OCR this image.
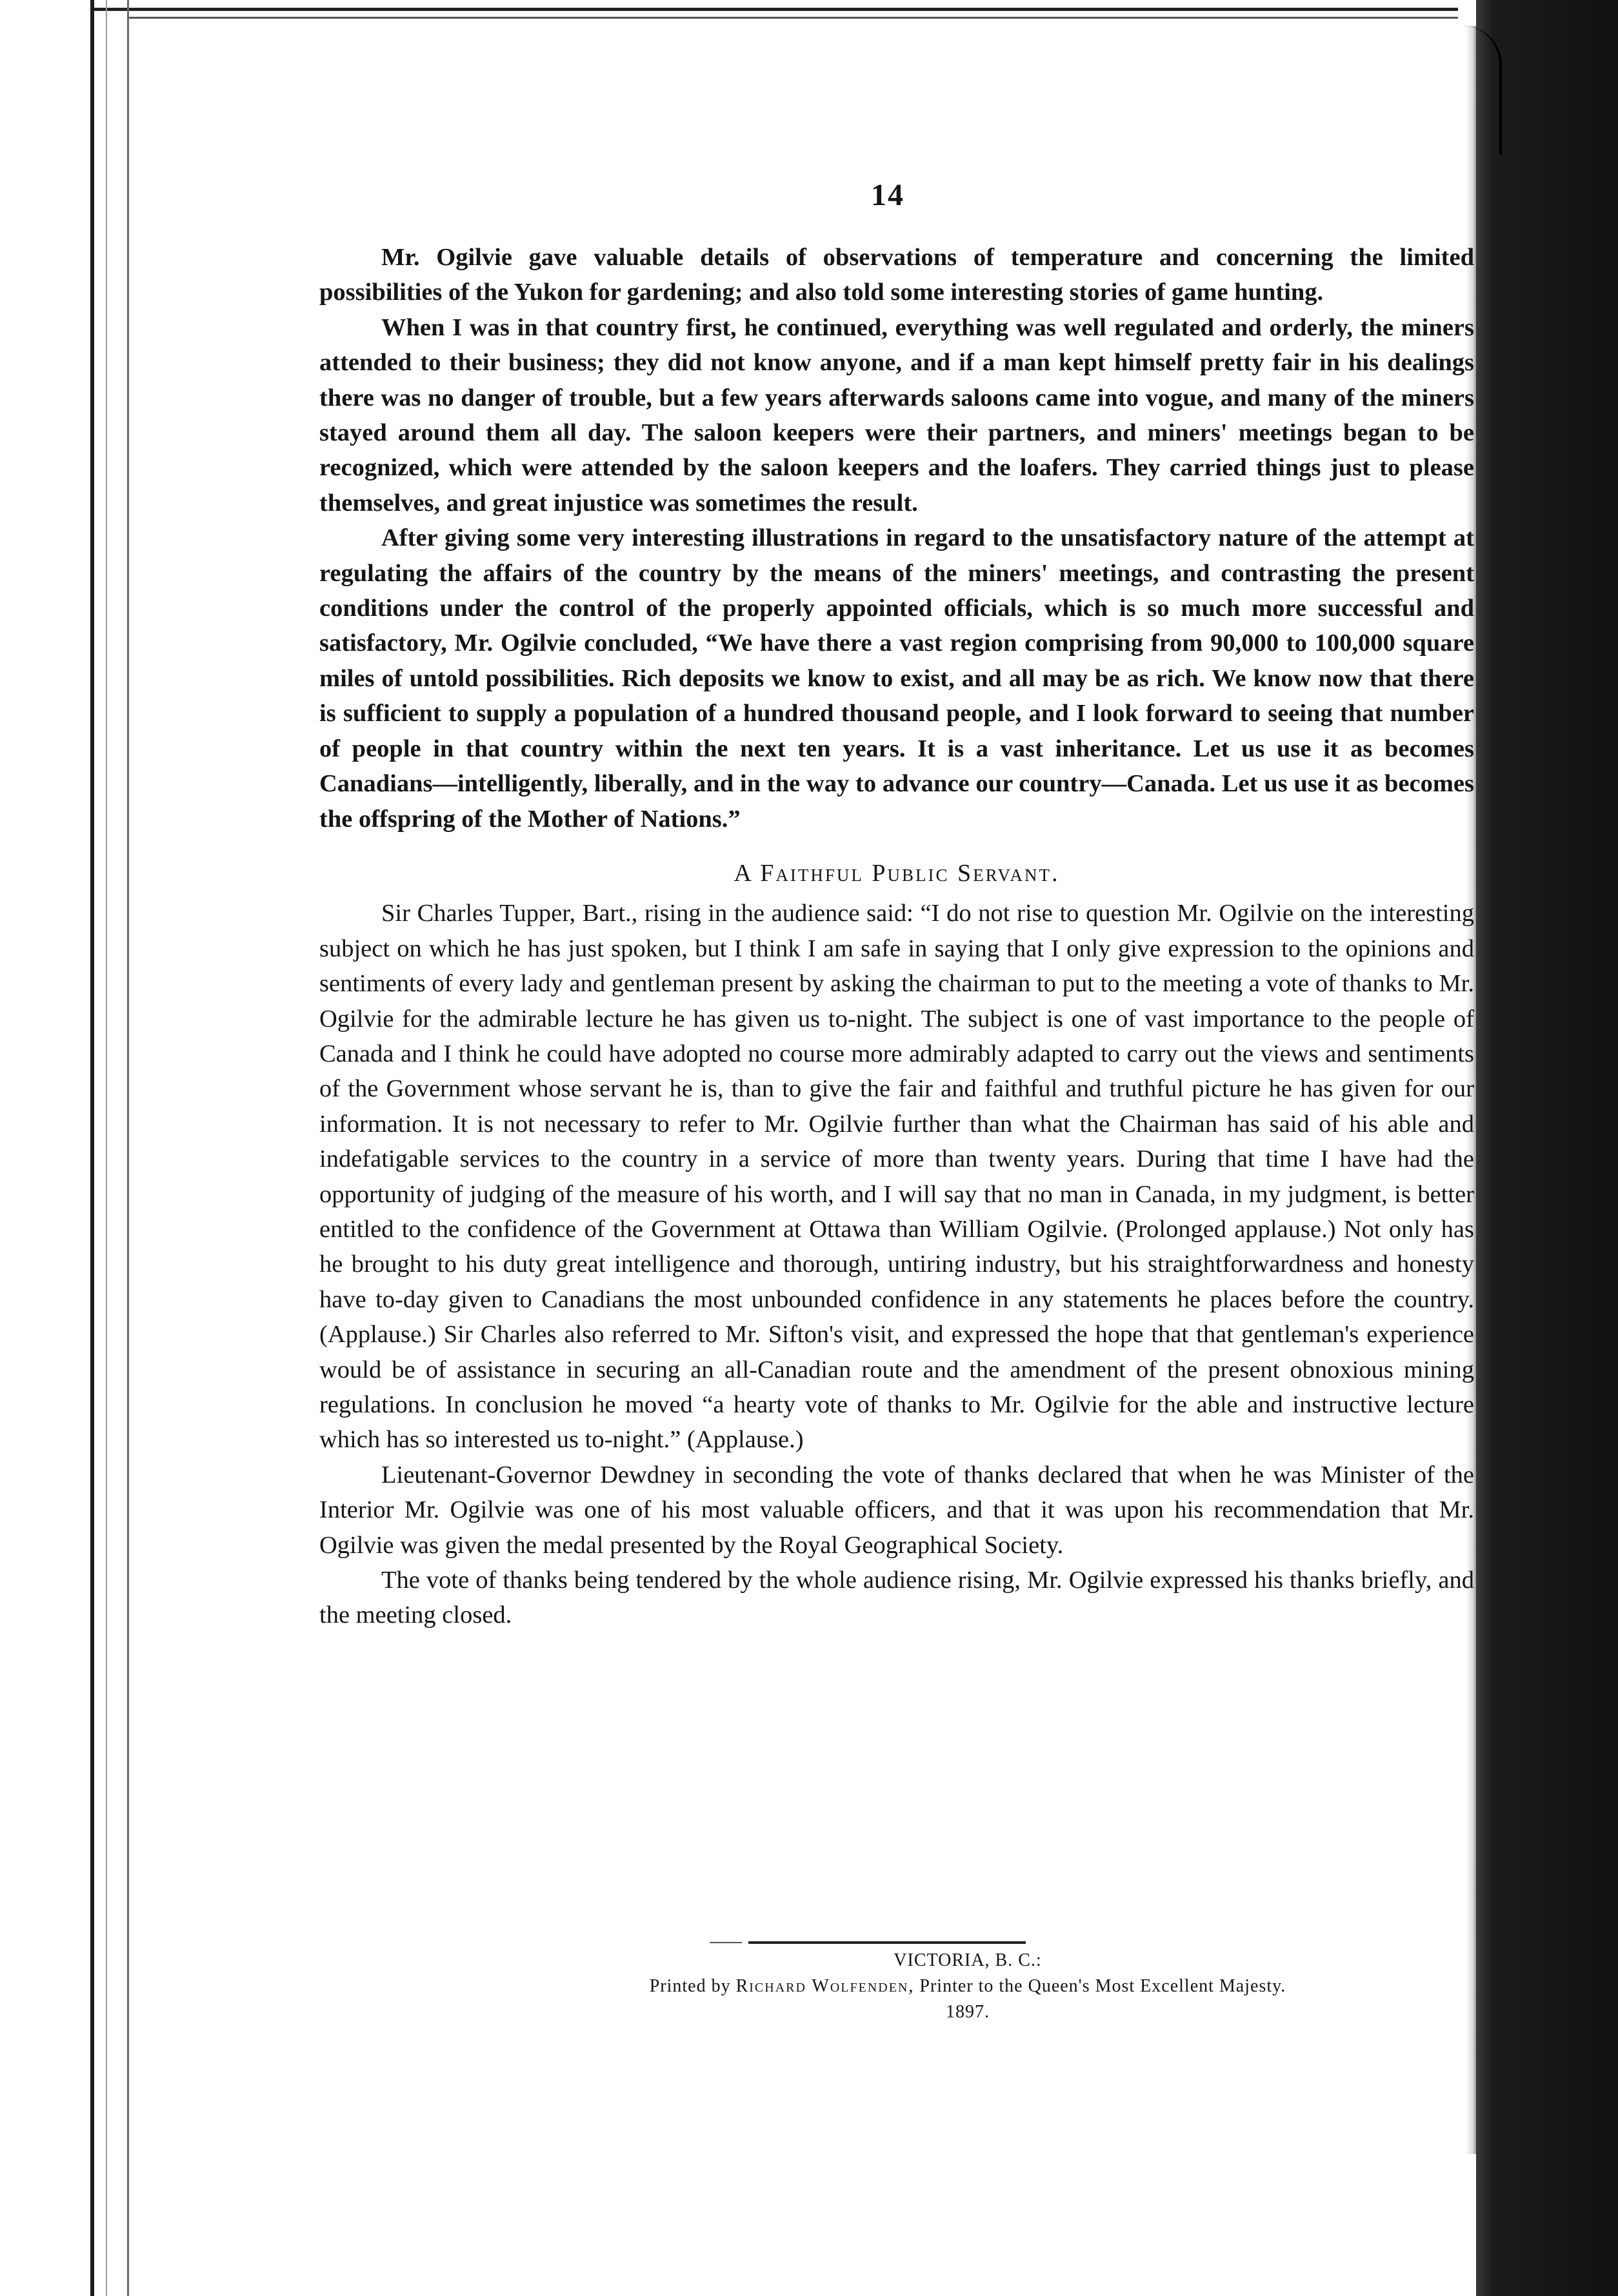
14

Mr. Ogilvie gave valuable details of observations of temperature and concerning the limited possibilities of the Yukon for gardening; and also told some interesting stories of game hunting.

When I was in that country first, he continued, everything was well regulated and orderly, the miners attended to their business; they did not know anyone, and if a man kept himself pretty fair in his dealings there was no danger of trouble, but a few years afterwards saloons came into vogue, and many of the miners stayed around them all day. The saloon keepers were their partners, and miners' meetings began to be recognized, which were attended by the saloon keepers and the loafers. They carried things just to please themselves, and great injustice was sometimes the result.

After giving some very interesting illustrations in regard to the unsatisfactory nature of the attempt at regulating the affairs of the country by the means of the miners' meetings, and contrasting the present conditions under the control of the properly appointed officials, which is so much more successful and satisfactory, Mr. Ogilvie concluded, “We have there a vast region comprising from 90,000 to 100,000 square miles of untold possibilities. Rich deposits we know to exist, and all may be as rich. We know now that there is sufficient to supply a population of a hundred thousand people, and I look forward to seeing that number of people in that country within the next ten years. It is a vast inheritance. Let us use it as becomes Canadians—intelligently, liberally, and in the way to advance our country—Canada. Let us use it as becomes the offspring of the Mother of Nations.”

A Faithful Public Servant.

Sir Charles Tupper, Bart., rising in the audience said: “I do not rise to question Mr. Ogilvie on the interesting subject on which he has just spoken, but I think I am safe in saying that I only give expression to the opinions and sentiments of every lady and gentleman present by asking the chairman to put to the meeting a vote of thanks to Mr. Ogilvie for the admirable lecture he has given us to-night. The subject is one of vast importance to the people of Canada and I think he could have adopted no course more admirably adapted to carry out the views and sentiments of the Government whose servant he is, than to give the fair and faithful and truthful picture he has given for our information. It is not necessary to refer to Mr. Ogilvie further than what the Chairman has said of his able and indefatigable services to the country in a service of more than twenty years. During that time I have had the opportunity of judging of the measure of his worth, and I will say that no man in Canada, in my judgment, is better entitled to the confidence of the Government at Ottawa than William Ogilvie. (Prolonged applause.) Not only has he brought to his duty great intelligence and thorough, untiring industry, but his straightforwardness and honesty have to-day given to Canadians the most unbounded confidence in any statements he places before the country. (Applause.) Sir Charles also referred to Mr. Sifton's visit, and expressed the hope that that gentleman's experience would be of assistance in securing an all-Canadian route and the amendment of the present obnoxious mining regulations. In conclusion he moved “a hearty vote of thanks to Mr. Ogilvie for the able and instructive lecture which has so interested us to-night.” (Applause.)

Lieutenant-Governor Dewdney in seconding the vote of thanks declared that when he was Minister of the Interior Mr. Ogilvie was one of his most valuable officers, and that it was upon his recommendation that Mr. Ogilvie was given the medal presented by the Royal Geographical Society.

The vote of thanks being tendered by the whole audience rising, Mr. Ogilvie expressed his thanks briefly, and the meeting closed.

VICTORIA, B. C.:
Printed by Richard Wolfenden, Printer to the Queen's Most Excellent Majesty.
1897.
